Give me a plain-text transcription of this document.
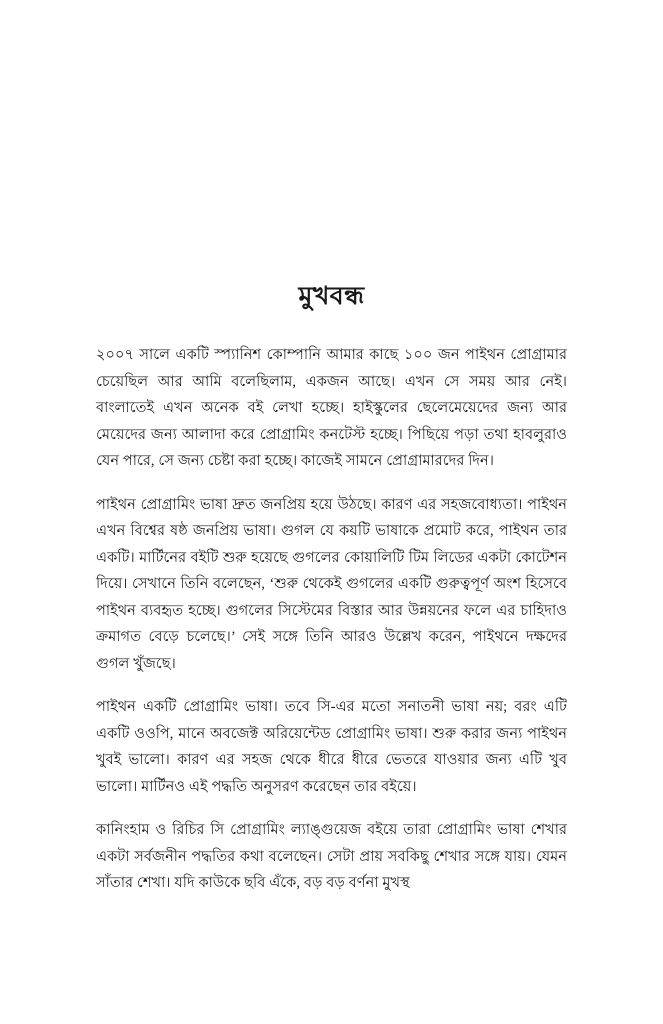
মুখবন্ধ

২০০৭ সালে একটি স্প্যানিশ কোম্পানি আমার কাছে ১০০ জন পাইথন প্রোগ্রামার চেয়েছিল আর আমি বলেছিলাম, একজন আছে। এখন সে সময় আর নেই। বাংলাতেই এখন অনেক বই লেখা হচ্ছে। হাইস্কুলের ছেলেমেয়েদের জন্য আর মেয়েদের জন্য আলাদা করে প্রোগ্রামিং কনটেস্ট হচ্ছে। পিছিয়ে পড়া তথা হাবলুরাও যেন পারে, সে জন্য চেষ্টা করা হচ্ছে। কাজেই সামনে প্রোগ্রামারদের দিন।

পাইথন প্রোগ্রামিং ভাষা দ্রুত জনপ্রিয় হয়ে উঠছে। কারণ এর সহজবোধ্যতা। পাইথন এখন বিশ্বের ষষ্ঠ জনপ্রিয় ভাষা। গুগল যে কয়টি ভাষাকে প্রমোট করে, পাইথন তার একটি। মার্টিনের বইটি শুরু হয়েছে গুগলের কোয়ালিটি টিম লিডের একটা কোটেশন দিয়ে। সেখানে তিনি বলেছেন, ‘শুরু থেকেই গুগলের একটি গুরুত্বপূর্ণ অংশ হিসেবে পাইথন ব্যবহৃত হচ্ছে। গুগলের সিস্টেমের বিস্তার আর উন্নয়নের ফলে এর চাহিদাও ক্রমাগত বেড়ে চলেছে।’ সেই সঙ্গে তিনি আরও উল্লেখ করেন, পাইথনে দক্ষদের গুগল খুঁজছে।

পাইথন একটি প্রোগ্রামিং ভাষা। তবে সি-এর মতো সনাতনী ভাষা নয়; বরং এটি একটি ওওপি, মানে অবজেক্ট অরিয়েন্টেড প্রোগ্রামিং ভাষা। শুরু করার জন্য পাইথন খুবই ভালো। কারণ এর সহজ থেকে ধীরে ধীরে ভেতরে যাওয়ার জন্য এটি খুব ভালো। মার্টিনও এই পদ্ধতি অনুসরণ করেছেন তার বইয়ে।

কানিংহাম ও রিচির সি প্রোগ্রামিং ল্যাঙ্গুয়েজ বইয়ে তারা প্রোগ্রামিং ভাষা শেখার একটা সর্বজনীন পদ্ধতির কথা বলেছেন। সেটা প্রায় সবকিছু শেখার সঙ্গে যায়। যেমন সাঁতার শেখা। যদি কাউকে ছবি এঁকে, বড় বড় বর্ণনা মুখস্থ
